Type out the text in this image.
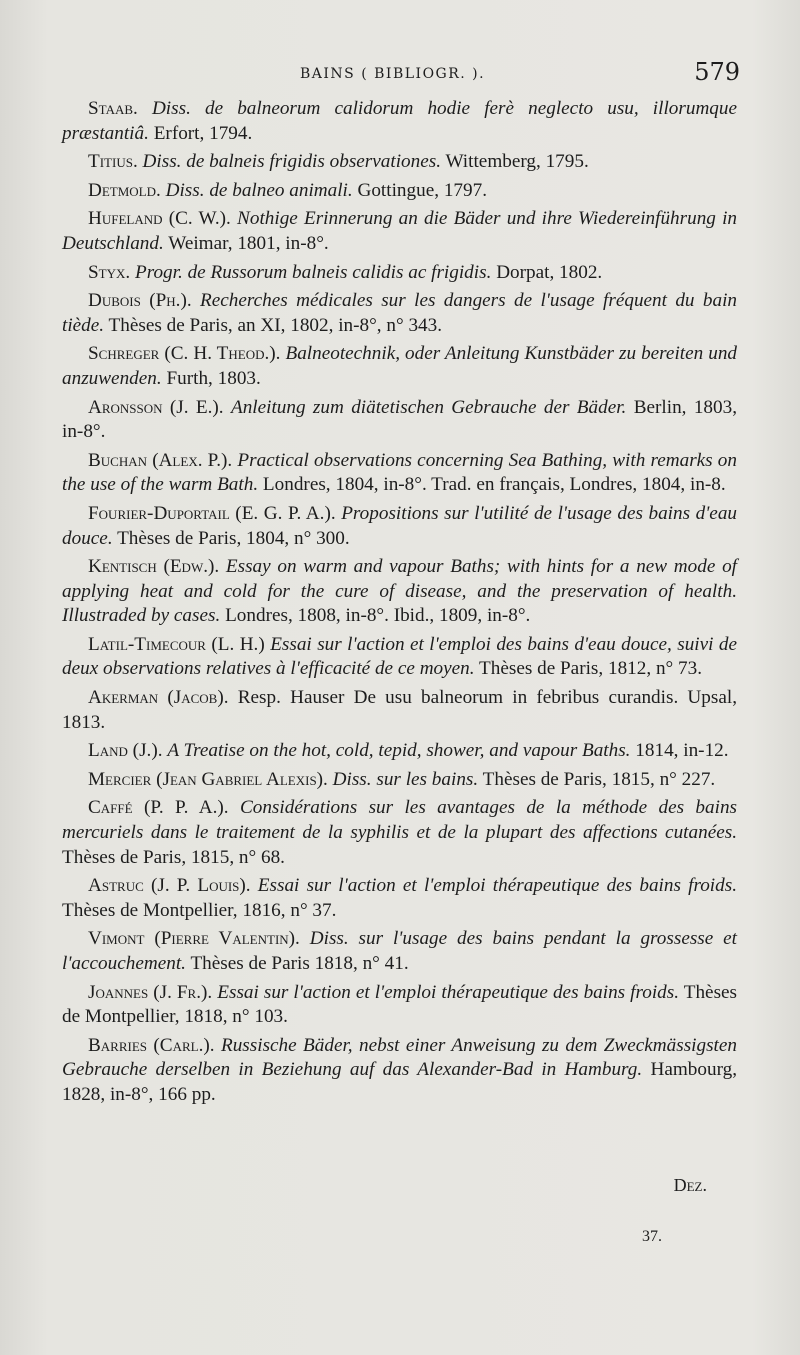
BAINS ( BIBLIOGR. ).	579

Staab. Diss. de balneorum calidorum hodie ferè neglecto usu, illorumque præstantiâ. Erfort, 1794.

Titius. Diss. de balneis frigidis observationes. Wittemberg, 1795.

Detmold. Diss. de balneo animali. Gottingue, 1797.

Hufeland (C. W.). Nothige Erinnerung an die Bäder und ihre Wiedereinführung in Deutschland. Weimar, 1801, in-8°.

Styx. Progr. de Russorum balneis calidis ac frigidis. Dorpat, 1802.

Dubois (Ph.). Recherches médicales sur les dangers de l'usage fréquent du bain tiède. Thèses de Paris, an XI, 1802, in-8°, n° 343.

Schreger (C. H. Theod.). Balneotechnik, oder Anleitung Kunstbäder zu bereiten und anzuwenden. Furth, 1803.

Aronsson (J. E.). Anleitung zum diätetischen Gebrauche der Bäder. Berlin, 1803, in-8°.

Buchan (Alex. P.). Practical observations concerning Sea Bathing, with remarks on the use of the warm Bath. Londres, 1804, in-8°. Trad. en français, Londres, 1804, in-8.

Fourier-Duportail (E. G. P. A.). Propositions sur l'utilité de l'usage des bains d'eau douce. Thèses de Paris, 1804, n° 300.

Kentisch (Edw.). Essay on warm and vapour Baths; with hints for a new mode of applying heat and cold for the cure of disease, and the preservation of health. Illustraded by cases. Londres, 1808, in-8°. Ibid., 1809, in-8°.

Latil-Timecour (L. H.) Essai sur l'action et l'emploi des bains d'eau douce, suivi de deux observations relatives à l'efficacité de ce moyen. Thèses de Paris, 1812, n° 73.

Akerman (Jacob). Resp. Hauser De usu balneorum in febribus curandis. Upsal, 1813.

Land (J.). A Treatise on the hot, cold, tepid, shower, and vapour Baths. 1814, in-12.

Mercier (Jean Gabriel Alexis). Diss. sur les bains. Thèses de Paris, 1815, n° 227.

Caffé (P. P. A.). Considérations sur les avantages de la méthode des bains mercuriels dans le traitement de la syphilis et de la plupart des affections cutanées. Thèses de Paris, 1815, n° 68.

Astruc (J. P. Louis). Essai sur l'action et l'emploi thérapeutique des bains froids. Thèses de Montpellier, 1816, n° 37.

Vimont (Pierre Valentin). Diss. sur l'usage des bains pendant la grossesse et l'accouchement. Thèses de Paris 1818, n° 41.

Joannes (J. Fr.). Essai sur l'action et l'emploi thérapeutique des bains froids. Thèses de Montpellier, 1818, n° 103.

Barries (Carl.). Russische Bäder, nebst einer Anweisung zu dem Zweckmässigsten Gebrauche derselben in Beziehung auf das Alexander-Bad in Hamburg. Hambourg, 1828, in-8°, 166 pp.

Dez.
37.
